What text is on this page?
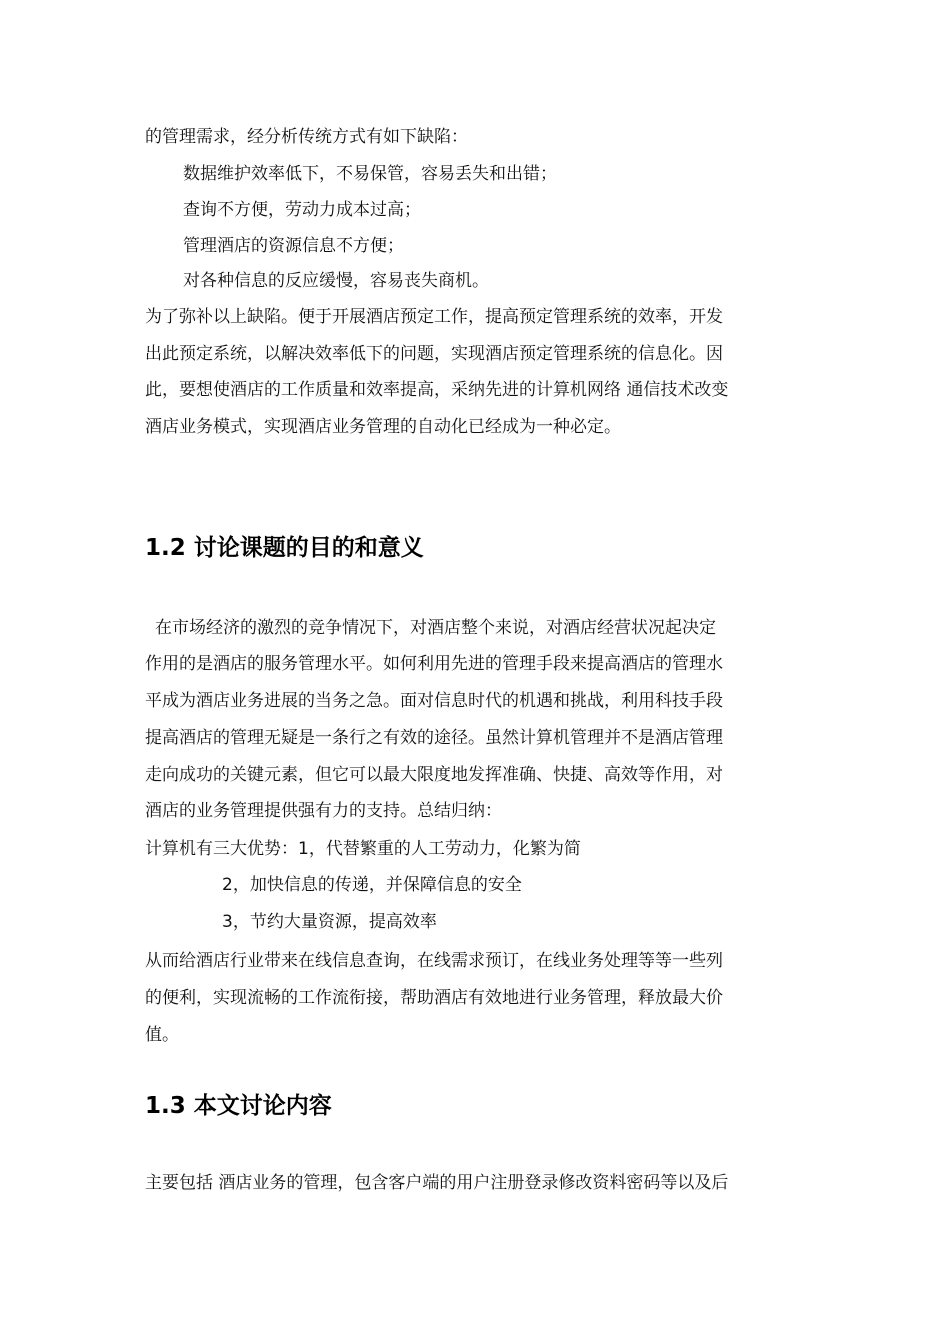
的管理需求，经分析传统方式有如下缺陷：
数据维护效率低下，不易保管，容易丢失和出错；
查询不方便，劳动力成本过高；
管理酒店的资源信息不方便；
对各种信息的反应缓慢，容易丧失商机。
为了弥补以上缺陷。便于开展酒店预定工作，提高预定管理系统的效率，开发
出此预定系统，以解决效率低下的问题，实现酒店预定管理系统的信息化。因
此，要想使酒店的工作质量和效率提高，采纳先进的计算机网络 通信技术改变
酒店业务模式，实现酒店业务管理的自动化已经成为一种必定。
1.2 讨论课题的目的和意义
在市场经济的激烈的竞争情况下，对酒店整个来说，对酒店经营状况起决定
作用的是酒店的服务管理水平。如何利用先进的管理手段来提高酒店的管理水
平成为酒店业务进展的当务之急。面对信息时代的机遇和挑战，利用科技手段
提高酒店的管理无疑是一条行之有效的途径。虽然计算机管理并不是酒店管理
走向成功的关键元素，但它可以最大限度地发挥准确、快捷、高效等作用，对
酒店的业务管理提供强有力的支持。总结归纳：
计算机有三大优势：1，代替繁重的人工劳动力，化繁为简
2，加快信息的传递，并保障信息的安全
3，节约大量资源，提高效率
从而给酒店行业带来在线信息查询，在线需求预订，在线业务处理等等一些列
的便利，实现流畅的工作流衔接，帮助酒店有效地进行业务管理，释放最大价
值。
1.3 本文讨论内容
主要包括 酒店业务的管理，包含客户端的用户注册登录修改资料密码等以及后
